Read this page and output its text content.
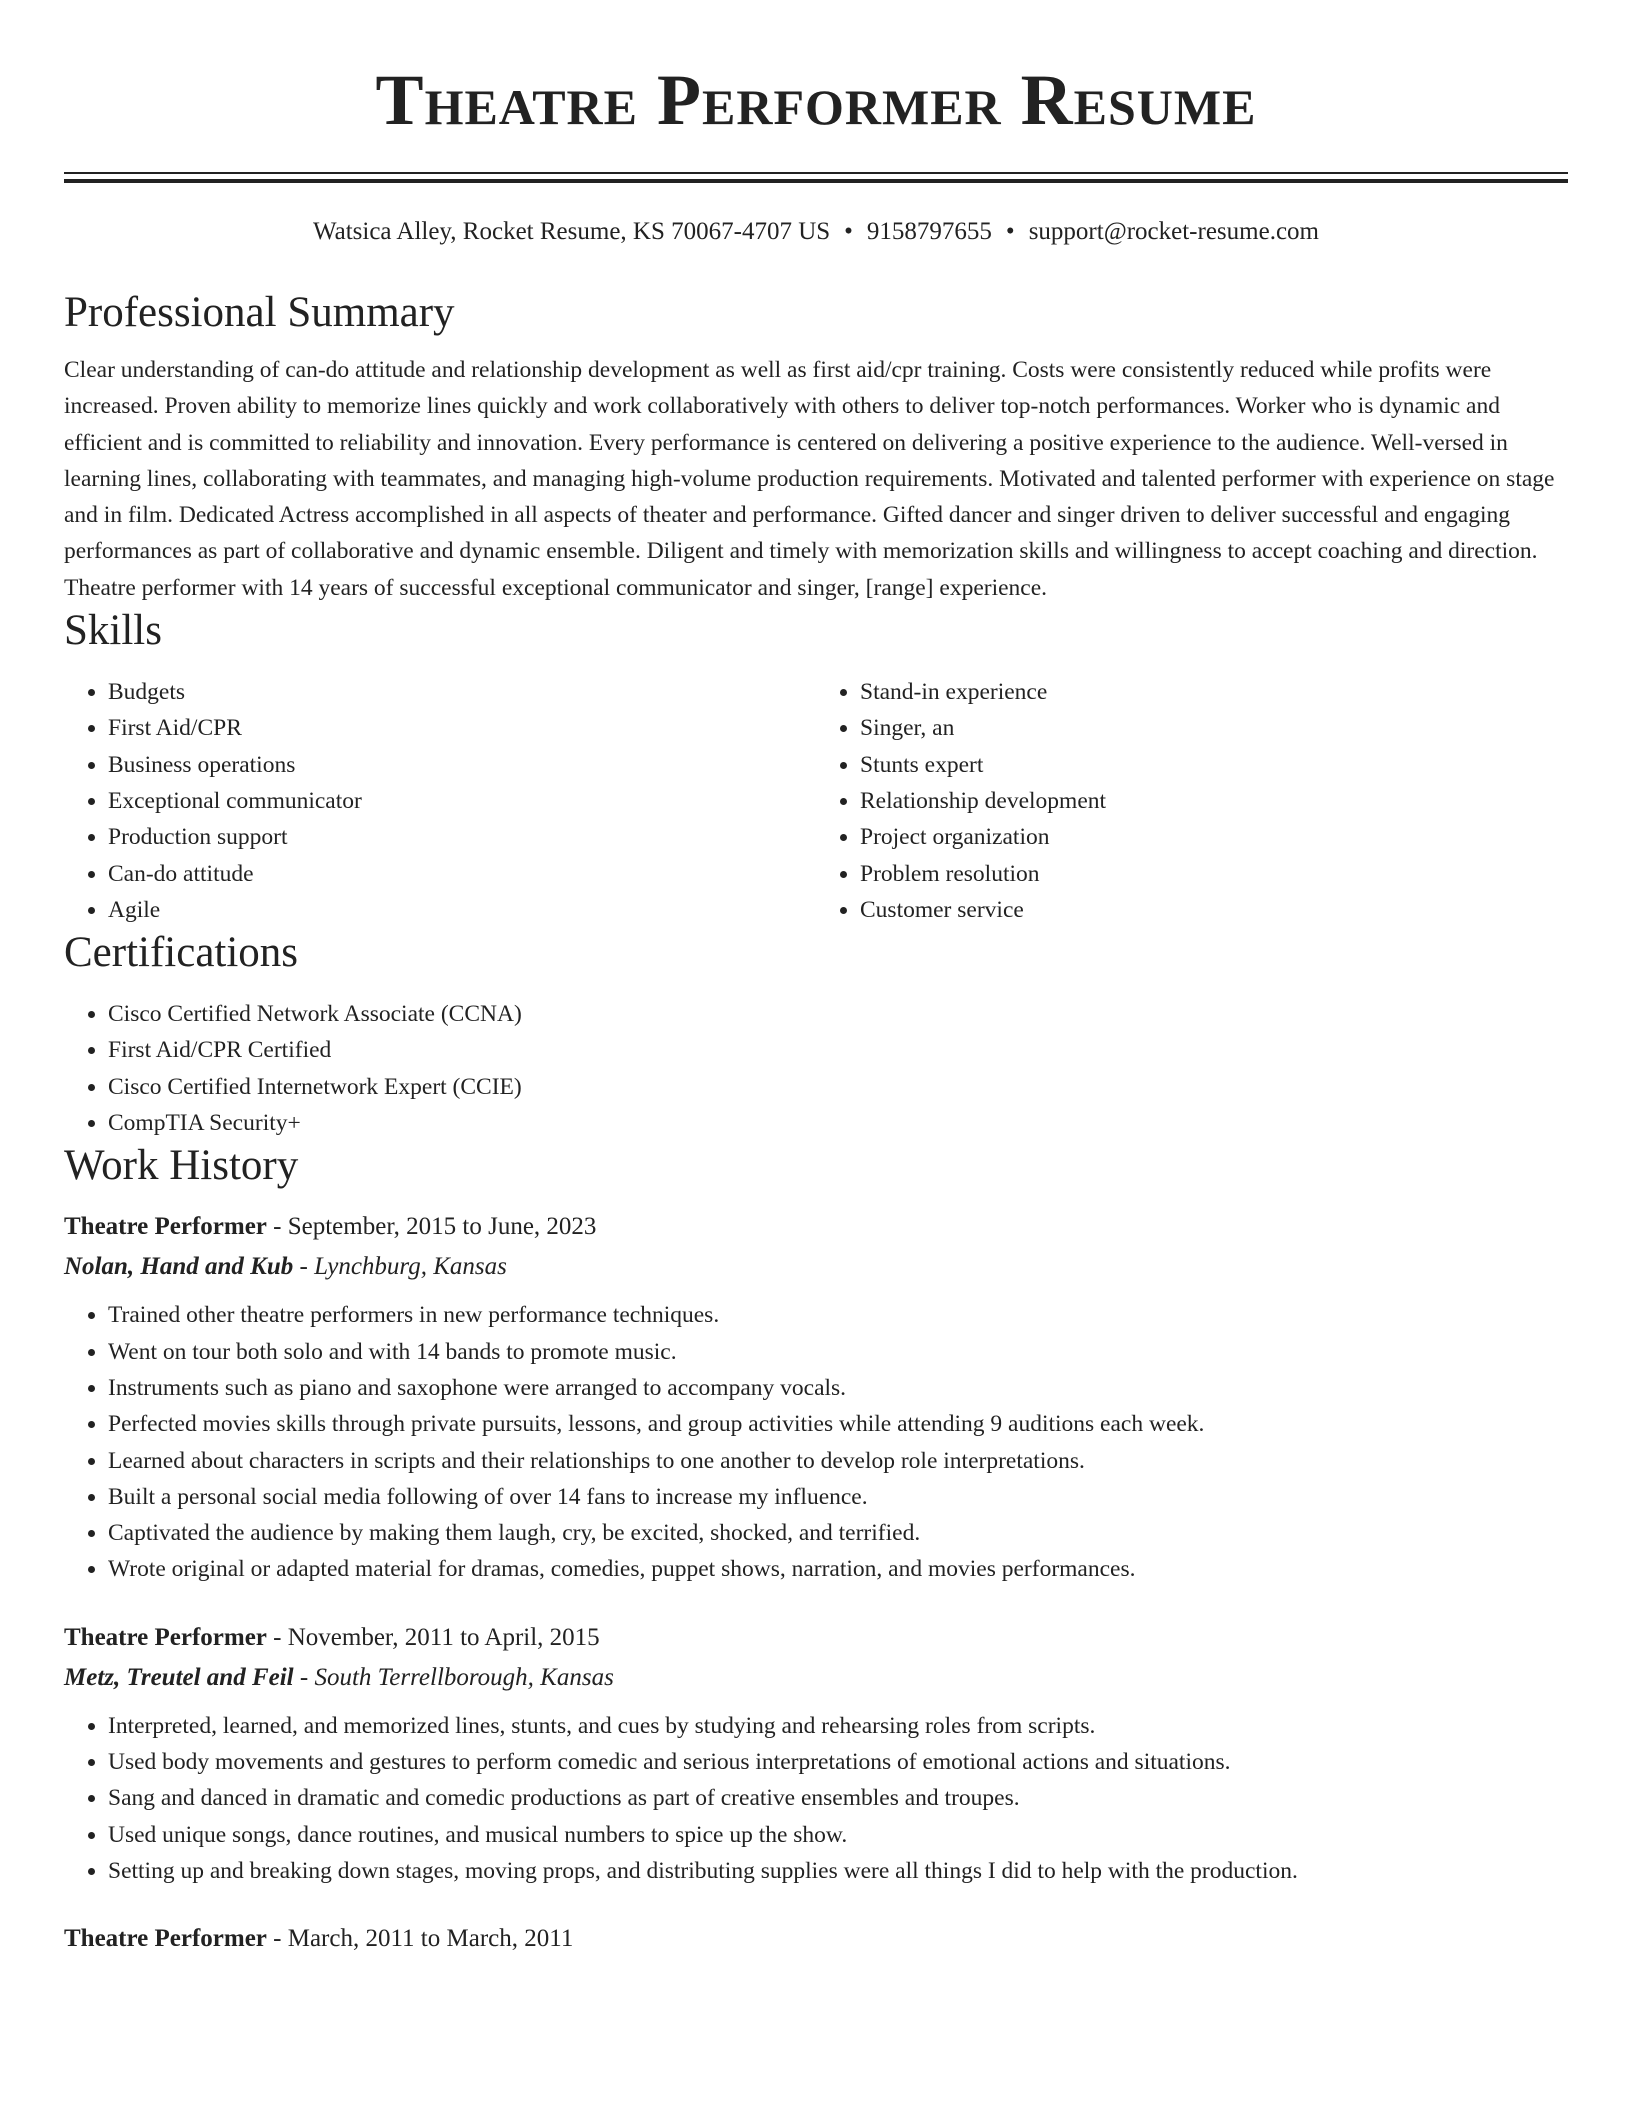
Theatre Performer Resume
Watsica Alley, Rocket Resume, KS 70067-4707 US • 9158797655 • support@rocket-resume.com
Professional Summary
Clear understanding of can-do attitude and relationship development as well as first aid/cpr training. Costs were consistently reduced while profits were increased. Proven ability to memorize lines quickly and work collaboratively with others to deliver top-notch performances. Worker who is dynamic and efficient and is committed to reliability and innovation. Every performance is centered on delivering a positive experience to the audience. Well-versed in learning lines, collaborating with teammates, and managing high-volume production requirements. Motivated and talented performer with experience on stage and in film. Dedicated Actress accomplished in all aspects of theater and performance. Gifted dancer and singer driven to deliver successful and engaging performances as part of collaborative and dynamic ensemble. Diligent and timely with memorization skills and willingness to accept coaching and direction. Theatre performer with 14 years of successful exceptional communicator and singer, [range] experience.
Skills
• Budgets
• First Aid/CPR
• Business operations
• Exceptional communicator
• Production support
• Can-do attitude
• Agile
• Stand-in experience
• Singer, an
• Stunts expert
• Relationship development
• Project organization
• Problem resolution
• Customer service
Certifications
• Cisco Certified Network Associate (CCNA)
• First Aid/CPR Certified
• Cisco Certified Internetwork Expert (CCIE)
• CompTIA Security+
Work History
Theatre Performer - September, 2015 to June, 2023
Nolan, Hand and Kub - Lynchburg, Kansas
• Trained other theatre performers in new performance techniques.
• Went on tour both solo and with 14 bands to promote music.
• Instruments such as piano and saxophone were arranged to accompany vocals.
• Perfected movies skills through private pursuits, lessons, and group activities while attending 9 auditions each week.
• Learned about characters in scripts and their relationships to one another to develop role interpretations.
• Built a personal social media following of over 14 fans to increase my influence.
• Captivated the audience by making them laugh, cry, be excited, shocked, and terrified.
• Wrote original or adapted material for dramas, comedies, puppet shows, narration, and movies performances.
Theatre Performer - November, 2011 to April, 2015
Metz, Treutel and Feil - South Terrellborough, Kansas
• Interpreted, learned, and memorized lines, stunts, and cues by studying and rehearsing roles from scripts.
• Used body movements and gestures to perform comedic and serious interpretations of emotional actions and situations.
• Sang and danced in dramatic and comedic productions as part of creative ensembles and troupes.
• Used unique songs, dance routines, and musical numbers to spice up the show.
• Setting up and breaking down stages, moving props, and distributing supplies were all things I did to help with the production.
Theatre Performer - March, 2011 to March, 2011
